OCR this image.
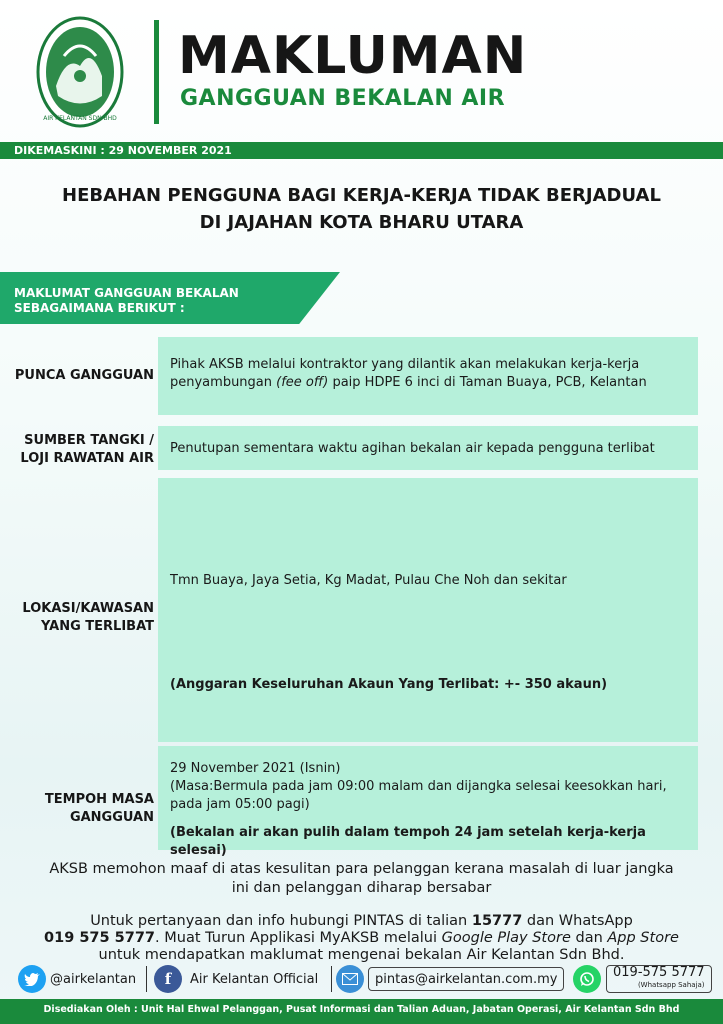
AIR KELANTAN SDN BHD
MAKLUMAN
GANGGUAN BEKALAN AIR
DIKEMASKINI : 29 NOVEMBER 2021
HEBAHAN PENGGUNA BAGI KERJA-KERJA TIDAK BERJADUAL
DI JAJAHAN KOTA BHARU UTARA
MAKLUMAT GANGGUAN BEKALAN
SEBAGAIMANA BERIKUT :
PUNCA GANGGUAN
Pihak AKSB melalui kontraktor yang dilantik akan melakukan kerja-kerja
penyambungan (fee off) paip HDPE 6 inci di Taman Buaya, PCB, Kelantan
SUMBER TANGKI /
LOJI RAWATAN AIR
Penutupan sementara waktu agihan bekalan air kepada pengguna terlibat
LOKASI/KAWASAN
YANG TERLIBAT
Tmn Buaya, Jaya Setia, Kg Madat, Pulau Che Noh dan sekitar
(Anggaran Keseluruhan Akaun Yang Terlibat: +- 350 akaun)
TEMPOH MASA
GANGGUAN
29 November 2021 (Isnin)
(Masa:Bermula pada jam 09:00 malam dan dijangka selesai keesokkan hari,
pada jam 05:00 pagi)
(Bekalan air akan pulih dalam tempoh 24 jam setelah kerja-kerja selesai)
AKSB memohon maaf di atas kesulitan para pelanggan kerana masalah di luar jangka
ini dan pelanggan diharap bersabar
Untuk pertanyaan dan info hubungi PINTAS di talian 15777 dan WhatsApp
019 575 5777. Muat Turun Applikasi MyAKSB melalui Google Play Store dan App Store
untuk mendapatkan maklumat mengenai bekalan Air Kelantan Sdn Bhd.
@airkelantan	f	Air Kelantan Official	pintas@airkelantan.com.my	019-575 5777
(Whatsapp Sahaja)
Disediakan Oleh : Unit Hal Ehwal Pelanggan, Pusat Informasi dan Talian Aduan, Jabatan Operasi, Air Kelantan Sdn Bhd
